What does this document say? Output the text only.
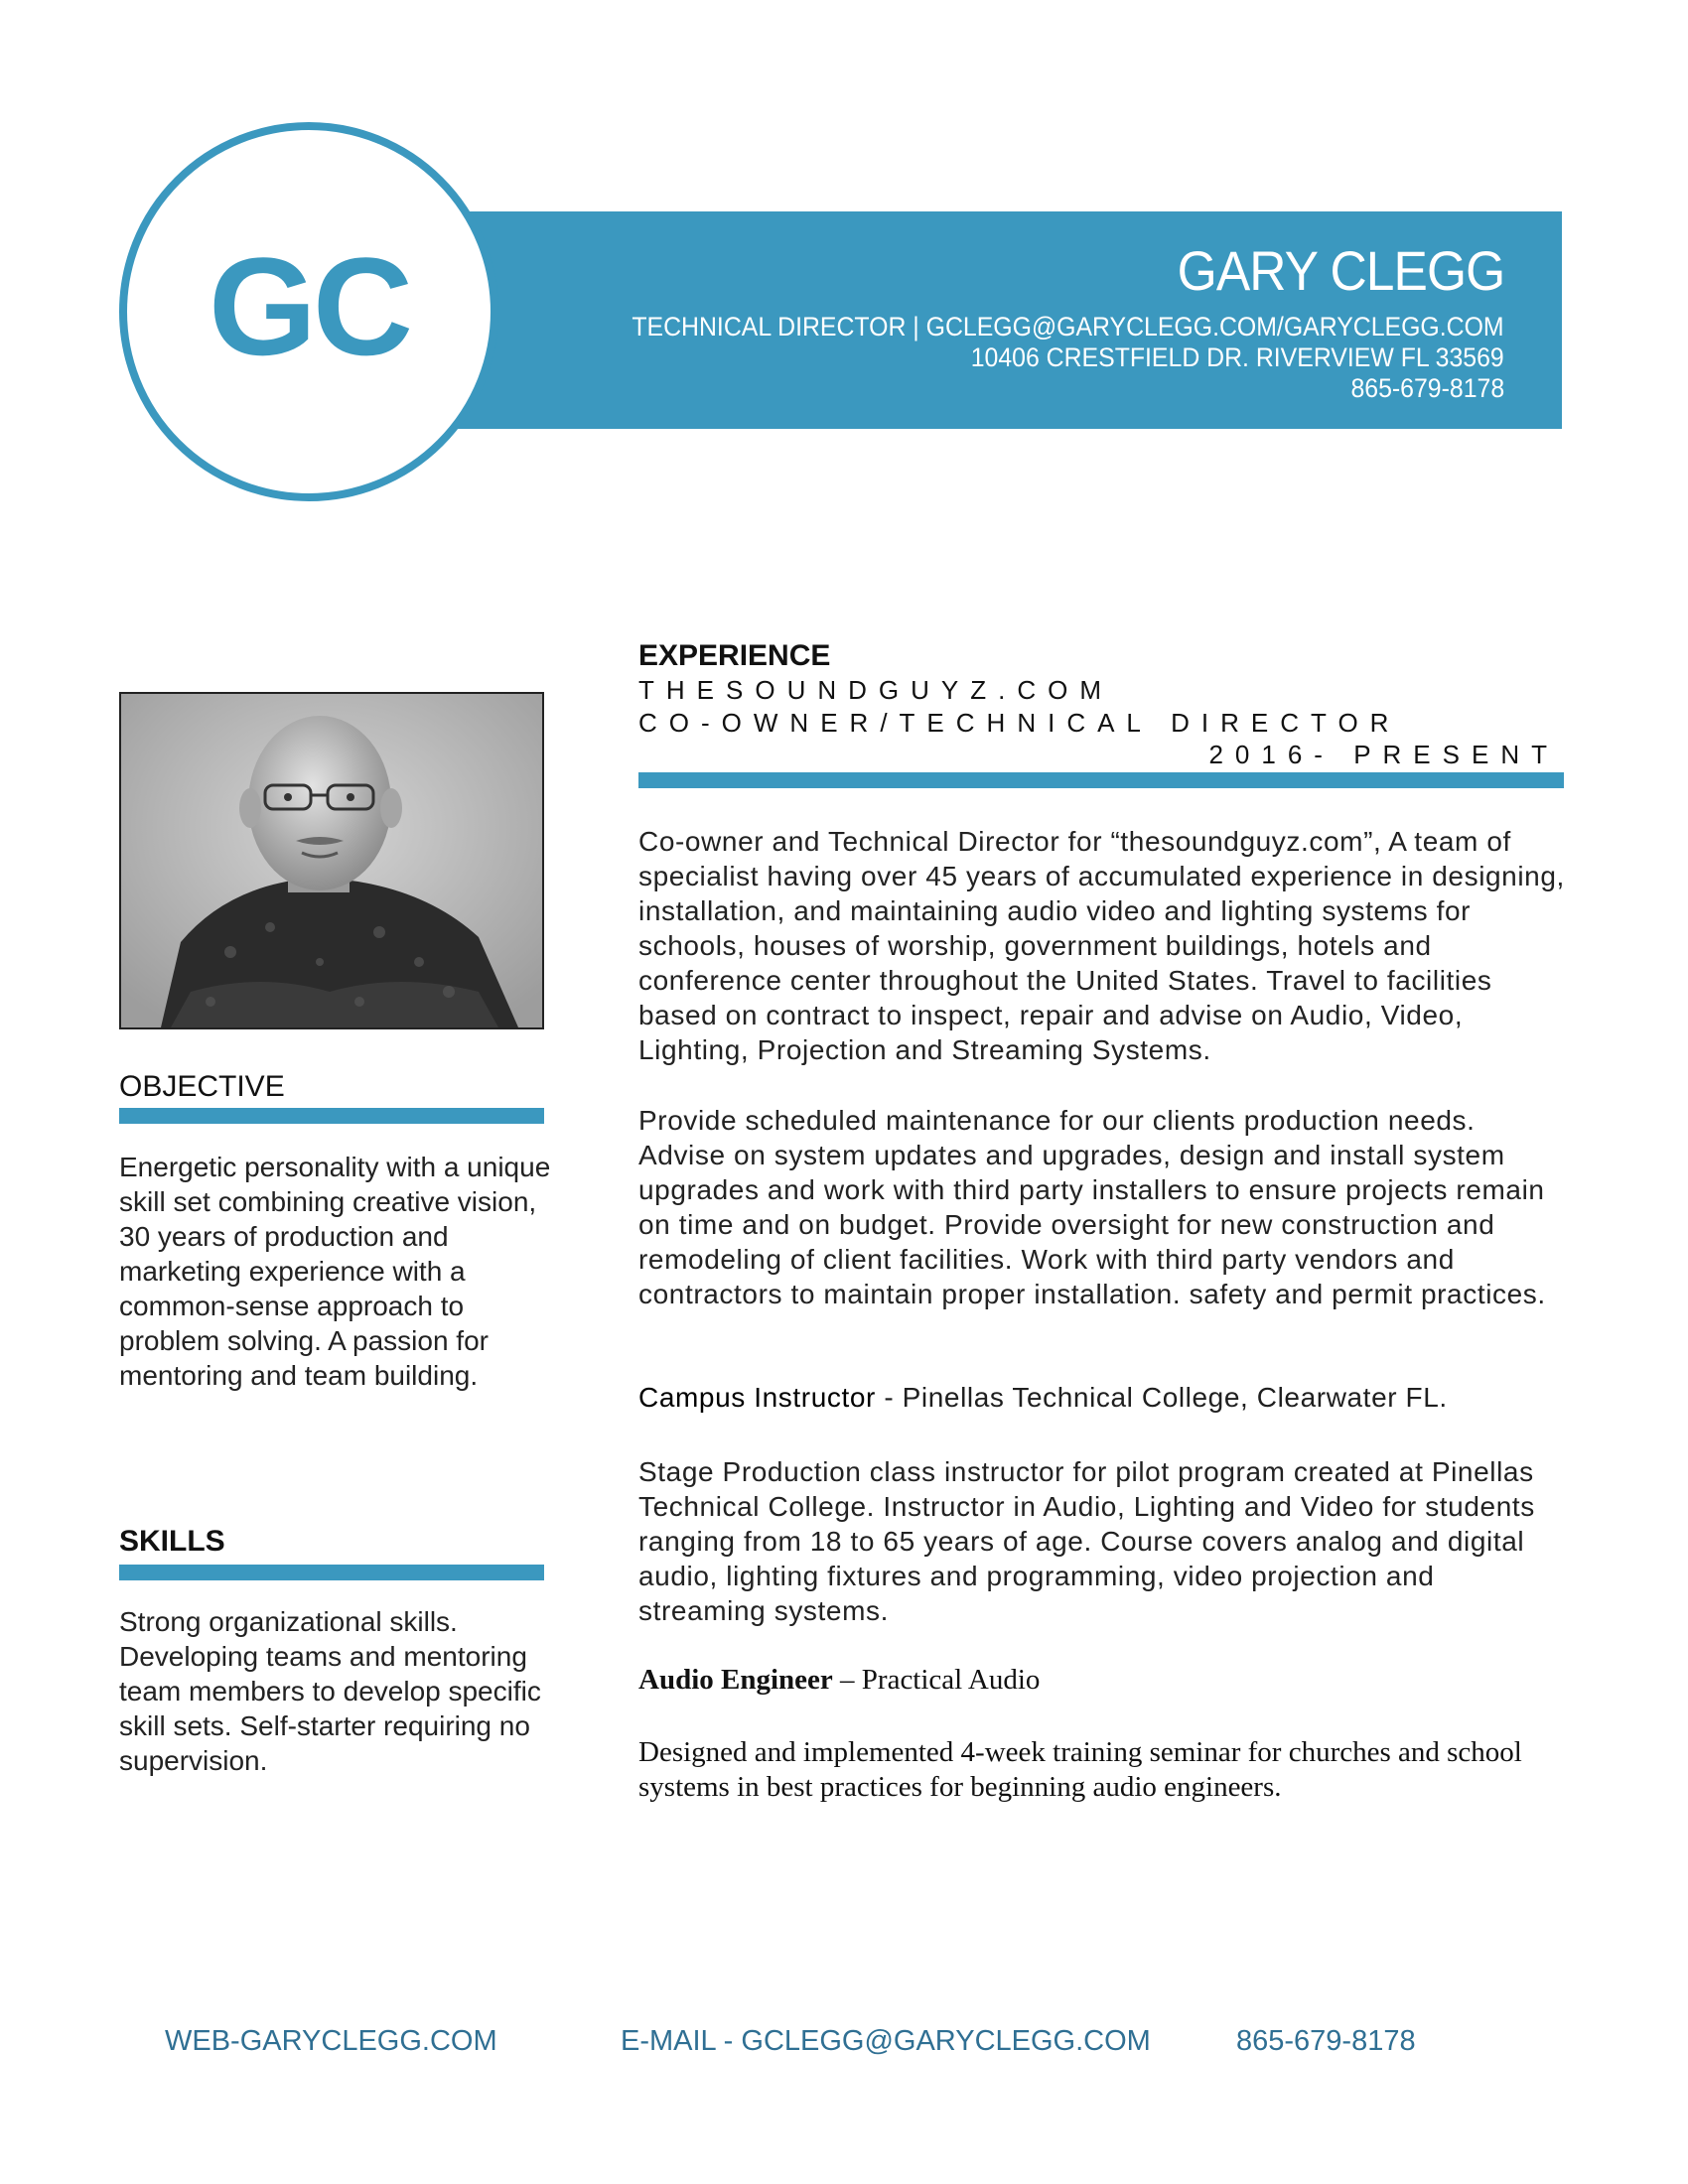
GC	GARY CLEGG
TECHNICAL DIRECTOR | GCLEGG@GARYCLEGG.COM/GARYCLEGG.COM
10406 CRESTFIELD DR. RIVERVIEW FL 33569
865-679-8178
OBJECTIVE
Energetic personality with a unique skill set combining creative vision, 30 years of production and marketing experience with a common-sense approach to problem solving. A passion for mentoring and team building.
SKILLS
Strong organizational skills. Developing teams and mentoring team members to develop specific skill sets. Self-starter requiring no supervision.
EXPERIENCE
THESOUNDGUYZ.COM
CO-OWNER/TECHNICAL DIRECTOR
2016- PRESENT
Co-owner and Technical Director for “thesoundguyz.com”, A team of specialist having over 45 years of accumulated experience in designing, installation, and maintaining audio video and lighting systems for schools, houses of worship, government buildings, hotels and conference center throughout the United States. Travel to facilities based on contract to inspect, repair and advise on Audio, Video, Lighting, Projection and Streaming Systems.
Provide scheduled maintenance for our clients production needs. Advise on system updates and upgrades, design and install system upgrades and work with third party installers to ensure projects remain on time and on budget. Provide oversight for new construction and remodeling of client facilities. Work with third party vendors and contractors to maintain proper installation. safety and permit practices.
Campus Instructor - Pinellas Technical College, Clearwater FL.
Stage Production class instructor for pilot program created at Pinellas Technical College. Instructor in Audio, Lighting and Video for students ranging from 18 to 65 years of age. Course covers analog and digital audio, lighting fixtures and programming, video projection and streaming systems.
Audio Engineer – Practical Audio
Designed and implemented 4-week training seminar for churches and school systems in best practices for beginning audio engineers.
WEB-GARYCLEGG.COM	E-MAIL - GCLEGG@GARYCLEGG.COM	865-679-8178
